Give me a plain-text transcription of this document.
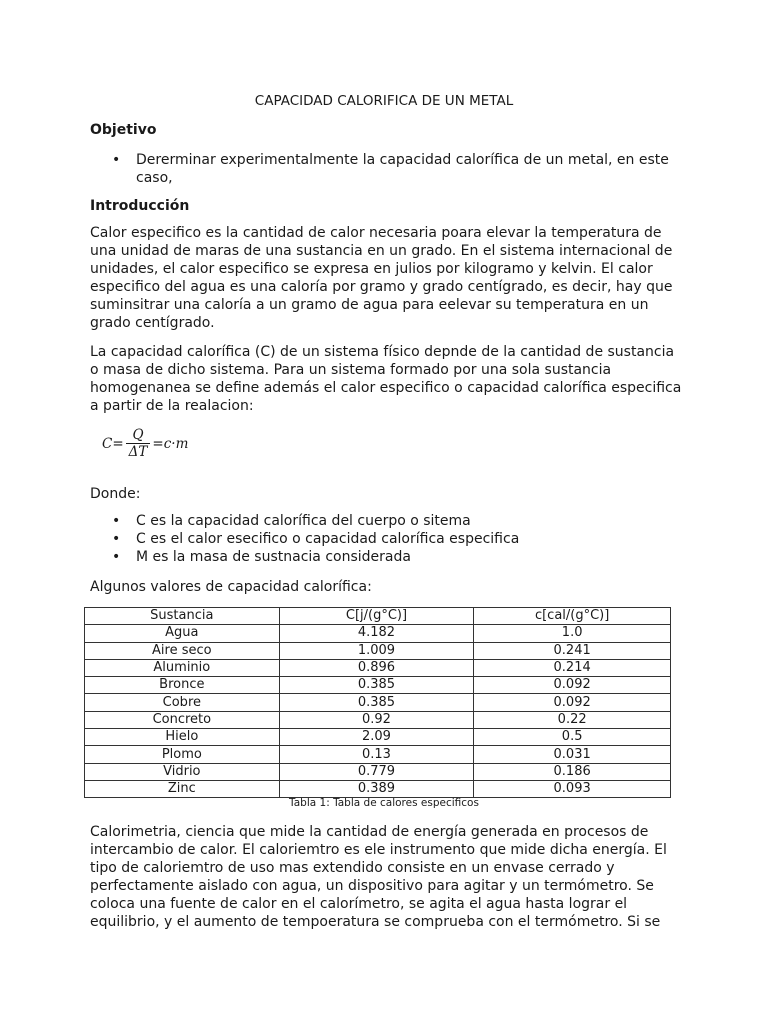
CAPACIDAD CALORIFICA DE UN METAL
Objetivo
• Dererminar experimentalmente la capacidad calorífica de un metal, en este caso,
Introducción

Calor especifico es la cantidad de calor necesaria poara elevar la temperatura de una unidad de maras de una sustancia en un grado. En el sistema internacional de unidades, el calor especifico se expresa en julios por kilogramo y kelvin. El calor especifico del agua es una caloría por gramo y grado centígrado, es decir, hay que suminsitrar una caloría a un gramo de agua para eelevar su temperatura en un grado centígrado.

La capacidad calorífica (C) de un sistema físico depnde de la cantidad de sustancia o masa de dicho sistema. Para un sistema formado por una sola sustancia homogenanea se define además el calor especifico o capacidad calorífica especifica a partir de la realacion:

$C= \frac{Q}{\Delta T} =c\cdot m$
Donde:
• C es la capacidad calorífica del cuerpo o sitema
• C es el calor esecifico o capacidad calorífica especifica
• M es la masa de sustnacia considerada
Algunos valores de capacidad calorífica:
Sustancia	C[j/(g°C)]	c[cal/(g°C)]
Agua	4.182	1.0
Aire seco	1.009	0.241
Aluminio	0.896	0.214
Bronce	0.385	0.092
Cobre	0.385	0.092
Concreto	0.92	0.22
Hielo	2.09	0.5
Plomo	0.13	0.031
Vidrio	0.779	0.186
Zinc	0.389	0.093
Tabla 1: Tabla de calores especificos

Calorimetria, ciencia que mide la cantidad de energía generada en procesos de intercambio de calor. El caloriemtro es ele instrumento que mide dicha energía. El tipo de caloriemtro de uso mas extendido consiste en un envase cerrado y perfectamente aislado con agua, un dispositivo para agitar y un termómetro. Se coloca una fuente de calor en el calorímetro, se agita el agua hasta lograr el equilibrio, y el aumento de tempoeratura se comprueba con el termómetro. Si se
